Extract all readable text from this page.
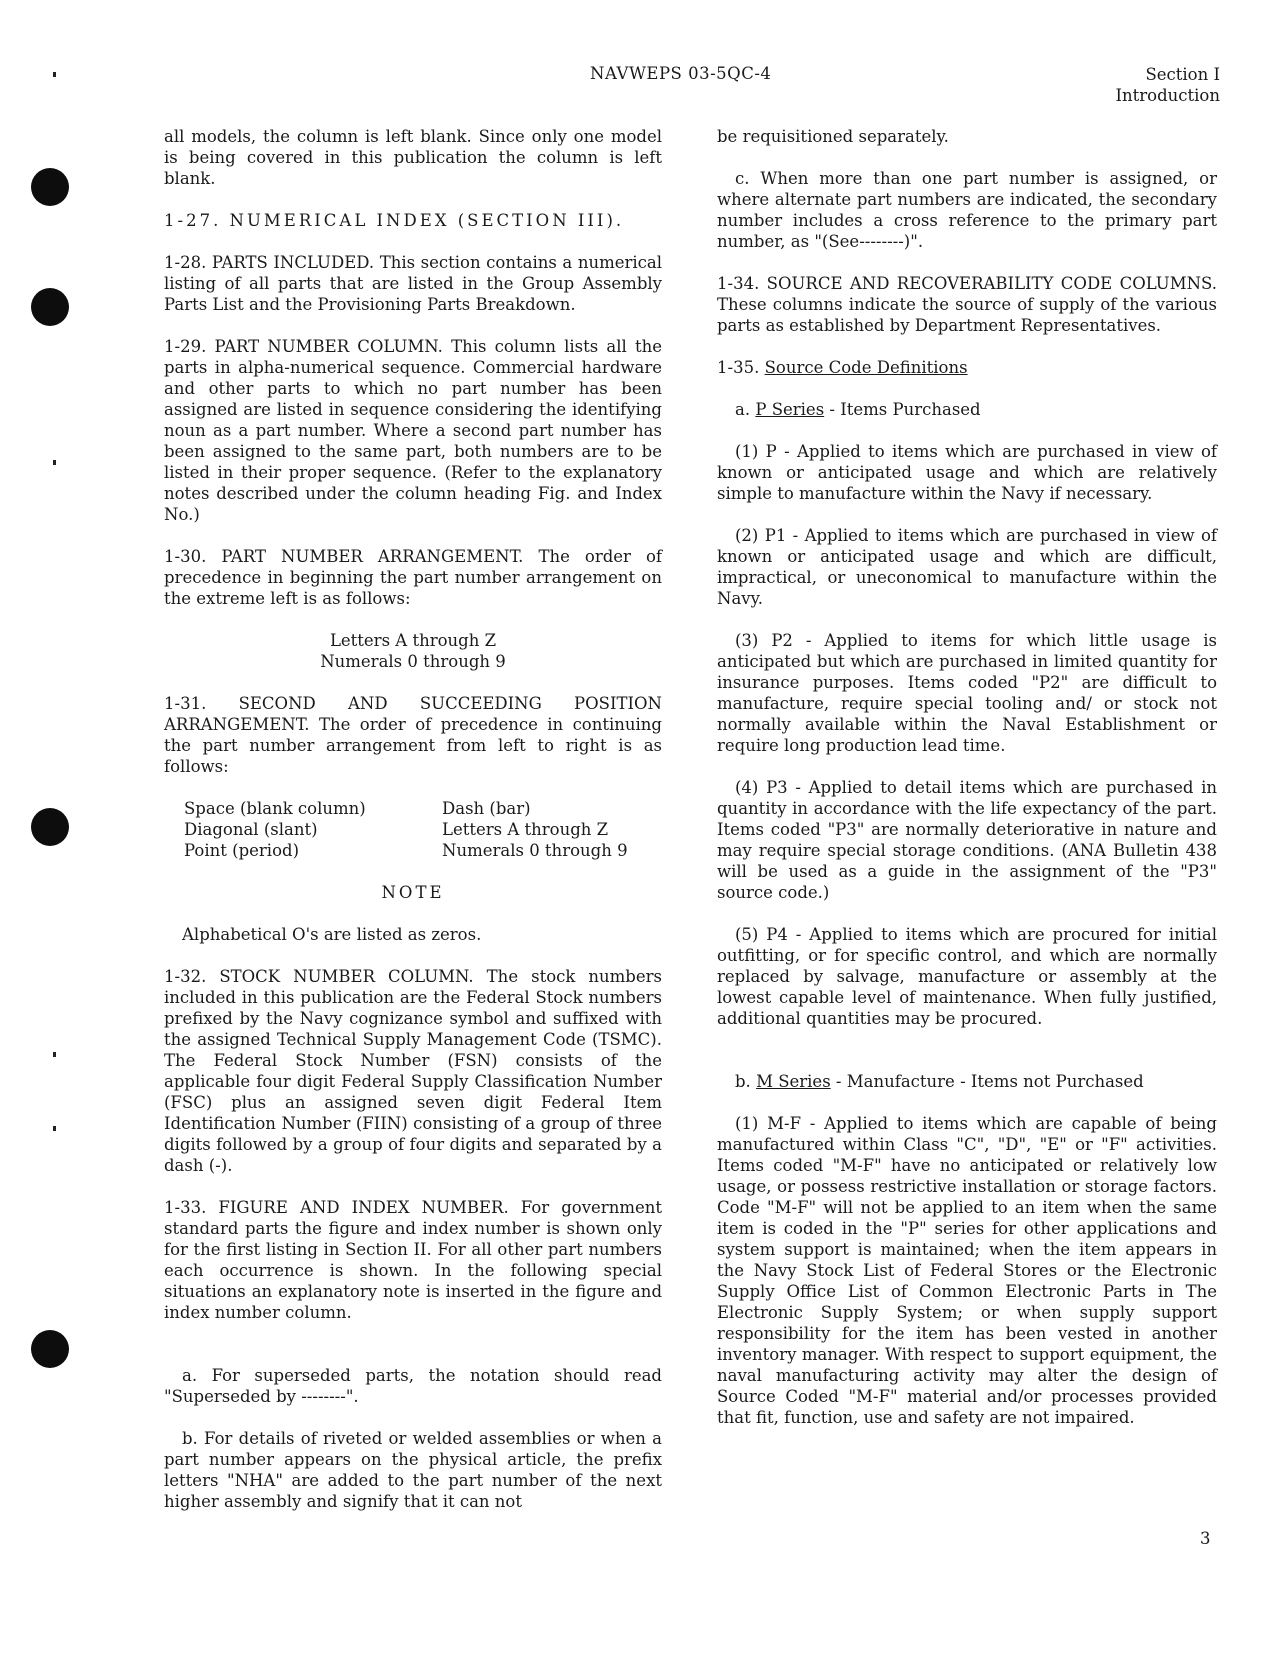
NAVWEPS 03-5QC-4	Section I
Introduction

all models, the column is left blank. Since only one model is being covered in this publication the column is left blank.

1-27. NUMERICAL INDEX (SECTION III).

1-28. PARTS INCLUDED. This section contains a numerical listing of all parts that are listed in the Group Assembly Parts List and the Provisioning Parts Breakdown.

1-29. PART NUMBER COLUMN. This column lists all the parts in alpha-numerical sequence. Commercial hardware and other parts to which no part number has been assigned are listed in sequence considering the identifying noun as a part number. Where a second part number has been assigned to the same part, both numbers are to be listed in their proper sequence. (Refer to the explanatory notes described under the column heading Fig. and Index No.)

1-30. PART NUMBER ARRANGEMENT. The order of precedence in beginning the part number arrangement on the extreme left is as follows:

Letters A through Z
Numerals 0 through 9

1-31. SECOND AND SUCCEEDING POSITION ARRANGEMENT. The order of precedence in continuing the part number arrangement from left to right is as follows:

Space (blank column)
Diagonal (slant)
Point (period)
Dash (bar)
Letters A through Z
Numerals 0 through 9
NOTE

Alphabetical O's are listed as zeros.

1-32. STOCK NUMBER COLUMN. The stock numbers included in this publication are the Federal Stock numbers prefixed by the Navy cognizance symbol and suffixed with the assigned Technical Supply Management Code (TSMC). The Federal Stock Number (FSN) consists of the applicable four digit Federal Supply Classification Number (FSC) plus an assigned seven digit Federal Item Identification Number (FIIN) consisting of a group of three digits followed by a group of four digits and separated by a dash (-).

1-33. FIGURE AND INDEX NUMBER. For government standard parts the figure and index number is shown only for the first listing in Section II. For all other part numbers each occurrence is shown. In the following special situations an explanatory note is inserted in the figure and index number column.

a. For superseded parts, the notation should read "Superseded by --------".

b. For details of riveted or welded assemblies or when a part number appears on the physical article, the prefix letters "NHA" are added to the part number of the next higher assembly and signify that it can not

be requisitioned separately.

c. When more than one part number is assigned, or where alternate part numbers are indicated, the secondary number includes a cross reference to the primary part number, as "(See--------)".

1-34. SOURCE AND RECOVERABILITY CODE COLUMNS. These columns indicate the source of supply of the various parts as established by Department Representatives.

1-35. Source Code Definitions

a. P Series - Items Purchased

(1) P - Applied to items which are purchased in view of known or anticipated usage and which are relatively simple to manufacture within the Navy if necessary.

(2) P1 - Applied to items which are purchased in view of known or anticipated usage and which are difficult, impractical, or uneconomical to manufacture within the Navy.

(3) P2 - Applied to items for which little usage is anticipated but which are purchased in limited quantity for insurance purposes. Items coded "P2" are difficult to manufacture, require special tooling and/ or stock not normally available within the Naval Establishment or require long production lead time.

(4) P3 - Applied to detail items which are purchased in quantity in accordance with the life expectancy of the part. Items coded "P3" are normally deteriorative in nature and may require special storage conditions. (ANA Bulletin 438 will be used as a guide in the assignment of the "P3" source code.)

(5) P4 - Applied to items which are procured for initial outfitting, or for specific control, and which are normally replaced by salvage, manufacture or assembly at the lowest capable level of maintenance. When fully justified, additional quantities may be procured.

b. M Series - Manufacture - Items not Purchased

(1) M-F - Applied to items which are capable of being manufactured within Class "C", "D", "E" or "F" activities. Items coded "M-F" have no anticipated or relatively low usage, or possess restrictive installation or storage factors. Code "M-F" will not be applied to an item when the same item is coded in the "P" series for other applications and system support is maintained; when the item appears in the Navy Stock List of Federal Stores or the Electronic Supply Office List of Common Electronic Parts in The Electronic Supply System; or when supply support responsibility for the item has been vested in another inventory manager. With respect to support equipment, the naval manufacturing activity may alter the design of Source Coded "M-F" material and/or processes provided that fit, function, use and safety are not impaired.

3
